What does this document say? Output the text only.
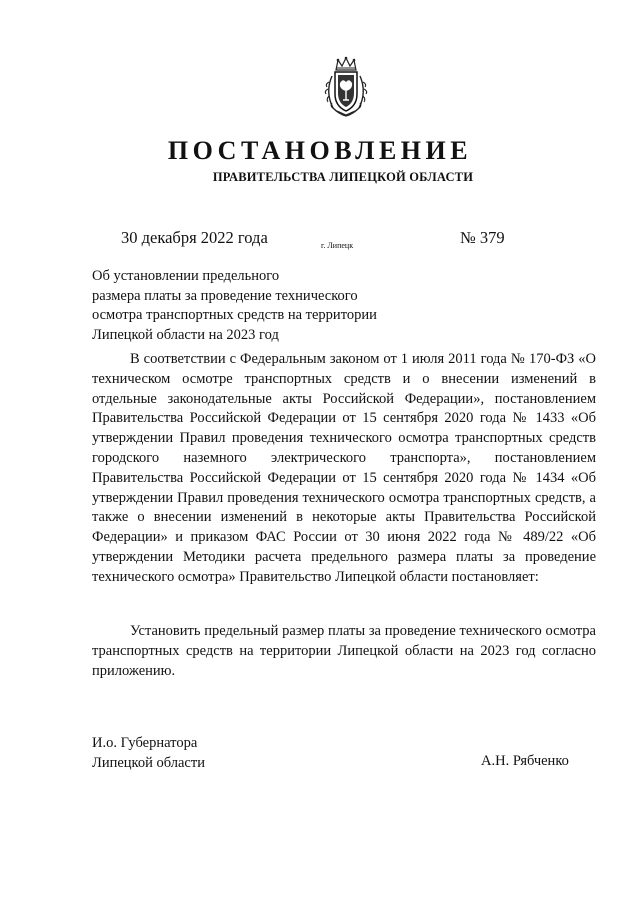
ПОСТАНОВЛЕНИЕ
ПРАВИТЕЛЬСТВА ЛИПЕЦКОЙ ОБЛАСТИ
30 декабря 2022 года	г. Липецк	№ 379
Об установлении предельного
размера платы за проведение технического
осмотра транспортных средств на территории
Липецкой области на 2023 год

В соответствии с Федеральным законом от 1 июля 2011 года № 170-ФЗ «О техническом осмотре транспортных средств и о внесении изменений в отдельные законодательные акты Российской Федерации», постановлением Правительства Российской Федерации от 15 сентября 2020 года № 1433 «Об утверждении Правил проведения технического осмотра транспортных средств городского наземного электрического транспорта», постановлением Правительства Российской Федерации от 15 сентября 2020 года № 1434 «Об утверждении Правил проведения технического осмотра транспортных средств, а также о внесении изменений в некоторые акты Правительства Российской Федерации» и приказом ФАС России от 30 июня 2022 года № 489/22 «Об утверждении Методики расчета предельного размера платы за проведение технического осмотра» Правительство Липецкой области постановляет:

Установить предельный размер платы за проведение технического осмотра транспортных средств на территории Липецкой области на 2023 год согласно приложению.

И.о. Губернатора
Липецкой области	А.Н. Рябченко
